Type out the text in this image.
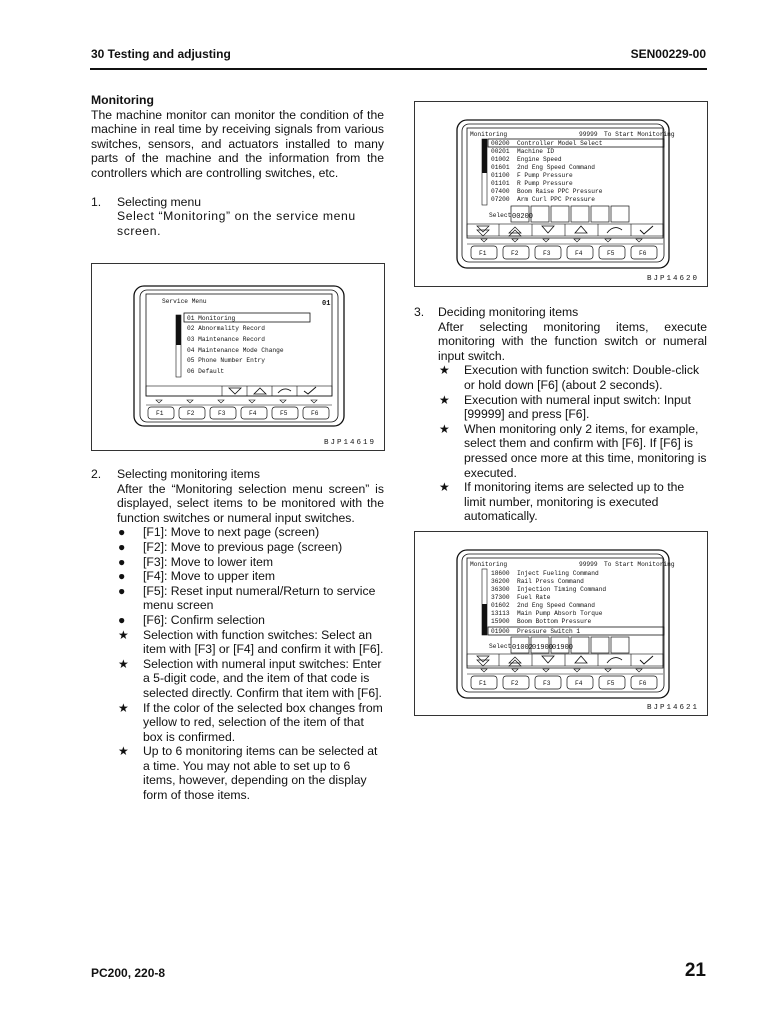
30 Testing and adjusting	SEN00229-00
Monitoring
The machine monitor can monitor the condition of the machine in real time by receiving signals from various switches, sensors, and actuators installed to many parts of the machine and the information from the controllers which are controlling switches, etc.
1. Selecting menu
Select “Monitoring” on the service menu screen.
Service Menu	01
01 Monitoring
02 Abnormality Record
03 Maintenance Record
04 Maintenance Mode Change
05 Phone Number Entry
06 Default
F1	F2	F3	F4	F5	F6
BJP14619
2. Selecting monitoring items
After the “Monitoring selection menu screen” is displayed, select items to be monitored with the function switches or numeral input switches.
● [F1]: Move to next page (screen)
● [F2]: Move to previous page (screen)
● [F3]: Move to lower item
● [F4]: Move to upper item
● [F5]: Reset input numeral/Return to service menu screen
● [F6]: Confirm selection
★ Selection with function switches: Select an item with [F3] or [F4] and confirm it with [F6].
★ Selection with numeral input switches: Enter a 5-digit code, and the item of that code is selected directly. Confirm that item with [F6].
★ If the color of the selected box changes from yellow to red, selection of the item of that box is confirmed.
★ Up to 6 monitoring items can be selected at a time. You may not able to set up to 6 items, however, depending on the display form of those items.
Monitoring	99999 To Start Monitoring
00200 Controller Model Select
00201 Machine ID
01002 Engine Speed
01601 2nd Eng Speed Command
01100 F Pump Pressure
01101 R Pump Pressure
07400 Boom Raise PPC Pressure
07200 Arm Curl PPC Pressure
Select 00200
F1	F2	F3	F4	F5	F6
BJP14620
3. Deciding monitoring items
After selecting monitoring items, execute monitoring with the function switch or numeral input switch.
★ Execution with function switch: Double-click or hold down [F6] (about 2 seconds).
★ Execution with numeral input switch: Input [99999] and press [F6].
★ When monitoring only 2 items, for example, select them and confirm with [F6]. If [F6] is pressed once more at this time, monitoring is executed.
★ If monitoring items are selected up to the limit number, monitoring is executed automatically.
Monitoring	99999 To Start Monitoring
18600 Inject Fueling Command
36200 Rail Press Command
36300 Injection Timing Command
37300 Fuel Rate
01602 2nd Eng Speed Command
13113 Main Pump Absorb Torque
15900 Boom Bottom Pressure
01900 Pressure Switch 1
Select 01002
01900
01900
F1	F2	F3	F4	F5	F6
BJP14621
PC200, 220-8	21
